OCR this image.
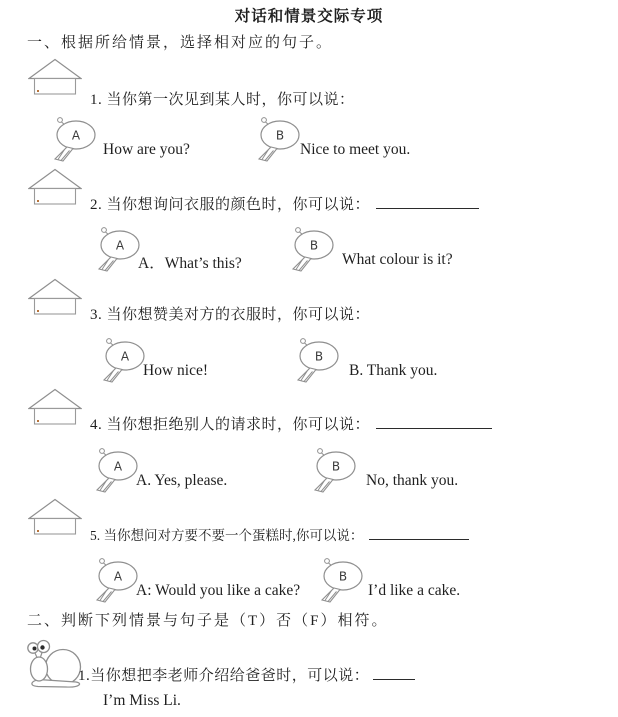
对话和情景交际专项
一、根据所给情景，选择相对应的句子。
1. 当你第一次见到某人时，你可以说：
A
How are you?
B
Nice to meet you.
2. 当你想询问衣服的颜色时，你可以说：
A
A．What’s this?
B
What colour is it?
3. 当你想赞美对方的衣服时，你可以说：
A
How nice!
B
B. Thank you.
4. 当你想拒绝别人的请求时，你可以说：
A
A. Yes, please.
B
No, thank you.
5. 当你想问对方要不要一个蛋糕时,你可以说：
A
A: Would you like a cake?
B
I’d like a cake.
二、判断下列情景与句子是（T）否（F）相符。
1.当你想把李老师介绍给爸爸时，可以说：
I’m Miss Li.
